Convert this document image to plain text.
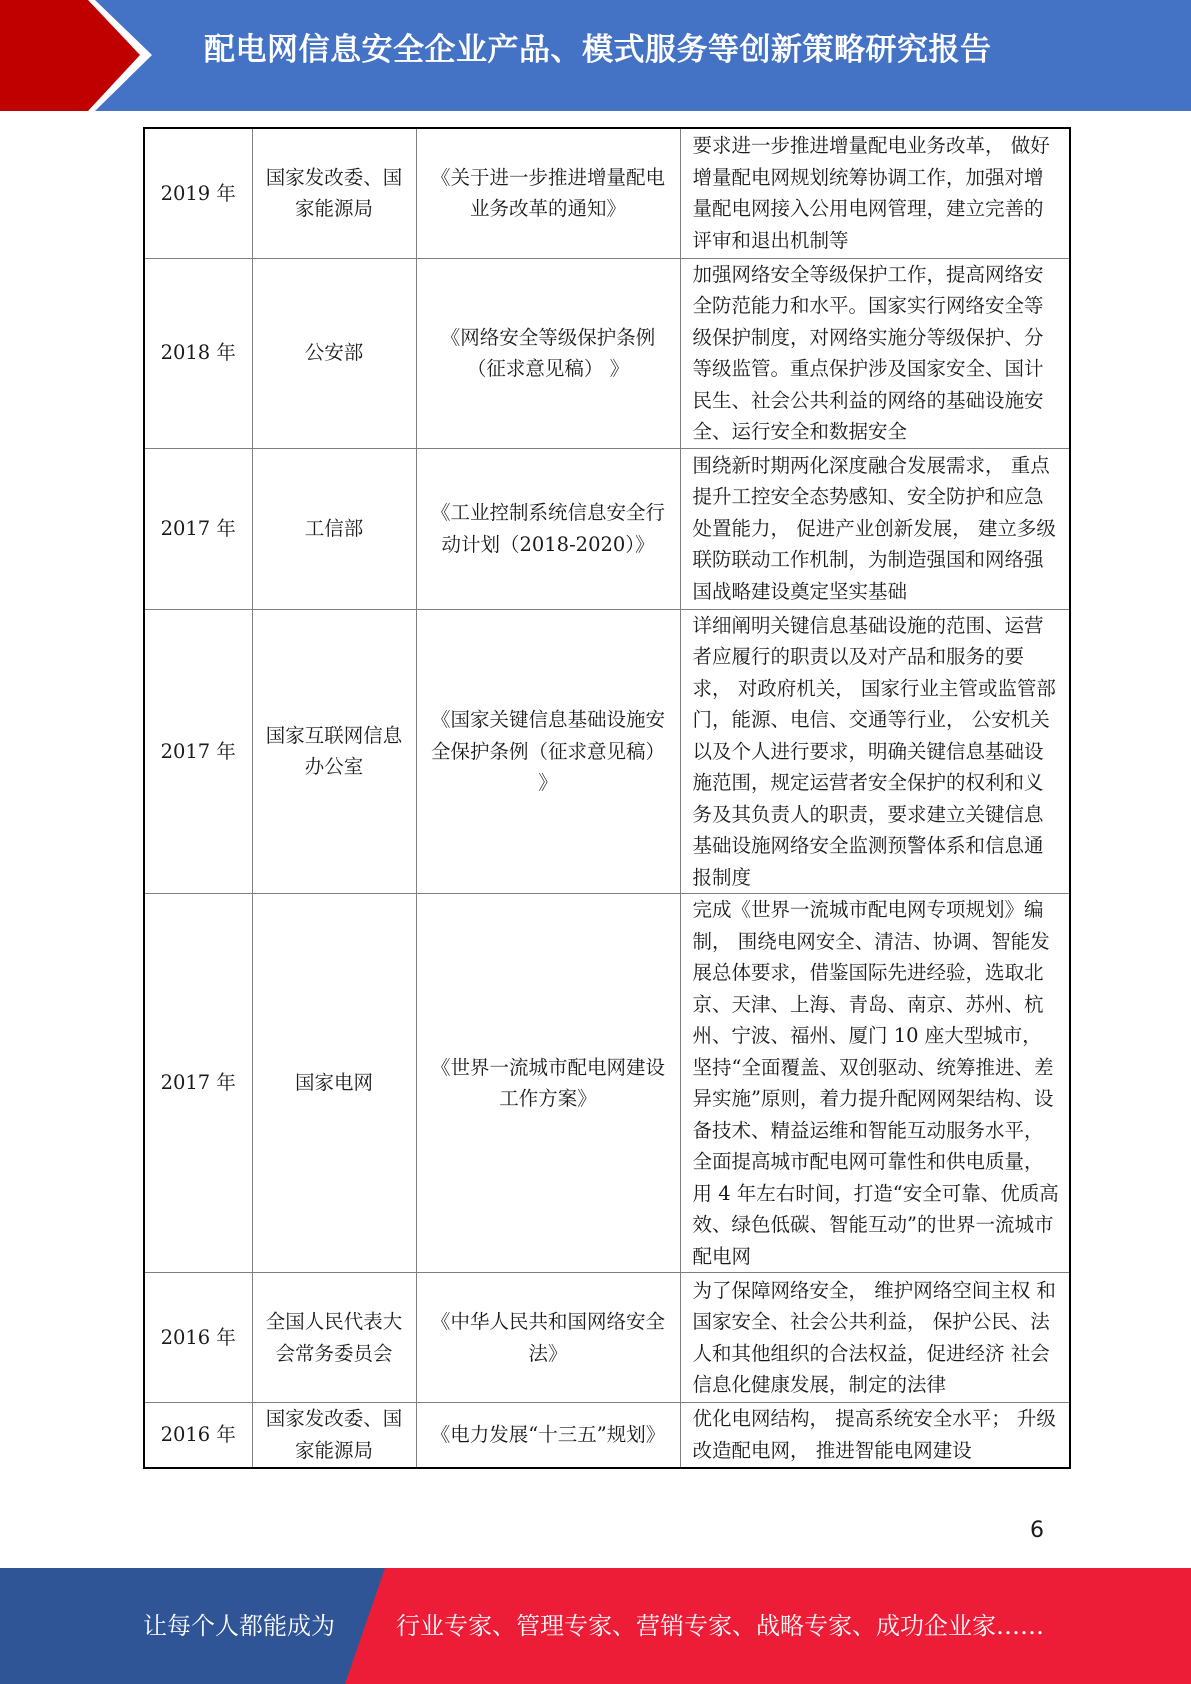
配电网信息安全企业产品、模式服务等创新策略研究报告
2019 年	国家发改委、国家能源局	《关于进一步推进增量配电业务改革的通知》	要求进一步推进增量配电业务改革， 做好增量配电网规划统筹协调工作，加强对增量配电网接入公用电网管理，建立完善的评审和退出机制等
2018 年	公安部	《网络安全等级保护条例（征求意见稿） 》	加强网络安全等级保护工作，提高网络安全防范能力和水平。国家实行网络安全等级保护制度，对网络实施分等级保护、分等级监管。重点保护涉及国家安全、国计民生、社会公共利益的网络的基础设施安全、运行安全和数据安全
2017 年	工信部	《工业控制系统信息安全行动计划（2018-2020）》	围绕新时期两化深度融合发展需求， 重点提升工控安全态势感知、安全防护和应急处置能力， 促进产业创新发展， 建立多级联防联动工作机制，为制造强国和网络强国战略建设奠定坚实基础
2017 年	国家互联网信息办公室	《国家关键信息基础设施安全保护条例（征求意见稿） 》	详细阐明关键信息基础设施的范围、运营者应履行的职责以及对产品和服务的要求， 对政府机关， 国家行业主管或监管部门，能源、电信、交通等行业， 公安机关以及个人进行要求，明确关键信息基础设施范围，规定运营者安全保护的权利和义务及其负责人的职责，要求建立关键信息基础设施网络安全监测预警体系和信息通报制度
2017 年	国家电网	《世界一流城市配电网建设工作方案》	完成《世界一流城市配电网专项规划》编制， 围绕电网安全、清洁、协调、智能发展总体要求，借鉴国际先进经验，选取北京、天津、上海、青岛、南京、苏州、杭州、宁波、福州、厦门 10 座大型城市，坚持“全面覆盖、双创驱动、统筹推进、差异实施”原则，着力提升配网网架结构、设备技术、精益运维和智能互动服务水平， 全面提高城市配电网可靠性和供电质量，用 4 年左右时间，打造“安全可靠、优质高效、绿色低碳、智能互动”的世界一流城市配电网
2016 年	全国人民代表大会常务委员会	《中华人民共和国网络安全法》	为了保障网络安全， 维护网络空间主权 和国家安全、社会公共利益， 保护公民、法人和其他组织的合法权益，促进经济 社会信息化健康发展，制定的法律
2016 年	国家发改委、国家能源局	《电力发展“十三五”规划》	优化电网结构， 提高系统安全水平； 升级改造配电网， 推进智能电网建设
6
让每个人都能成为	行业专家、管理专家、营销专家、战略专家、成功企业家……
